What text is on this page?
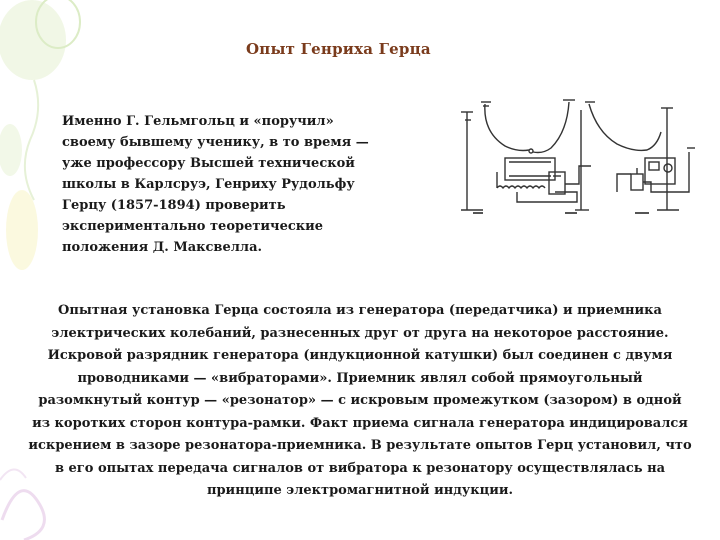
Опыт Генриха Герца
Именно Г. Гельмгольц и «поручил»
своему бывшему ученику, в то время —
уже профессору Высшей технической
школы в Карлсруэ, Генриху Рудольфу
Герцу (1857-1894) проверить
экспериментально теоретические
положения Д. Максвелла.
Опытная установка Герца состояла из генератора (передатчика) и приемника
электрических колебаний, разнесенных друг от друга на некоторое расстояние.
Искровой разрядник генератора (индукционной катушки) был соединен с двумя
проводниками — «вибраторами». Приемник являл собой прямоугольный
разомкнутый контур — «резонатор» — с искровым промежутком (зазором) в одной
из коротких сторон контура-рамки. Факт приема сигнала генератора индицировался
искрением в зазоре резонатора-приемника. В результате опытов Герц установил, что
в его опытах передача сигналов от вибратора к резонатору осуществлялась на
принципе электромагнитной индукции.
